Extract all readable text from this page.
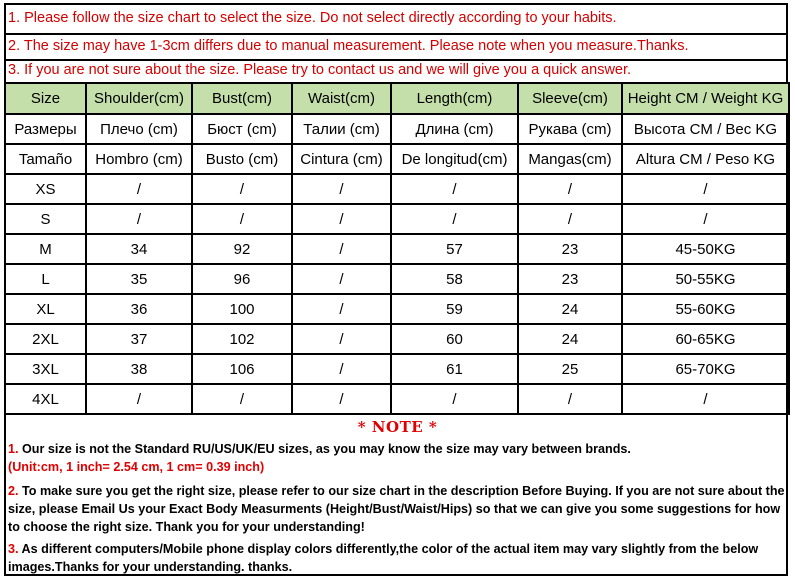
1. Please follow the size chart to select the size. Do not select directly according to your habits.
2. The size may have 1-3cm differs due to manual measurement. Please note when you measure.Thanks.
3. If you are not sure about the size. Please try to contact us and we will give you a quick answer.
Size	Shoulder(cm)	Bust(cm)	Waist(cm)	Length(cm)	Sleeve(cm)	Height CM / Weight KG
Размеры	Плечо (cm)	Бюст (cm)	Талии (cm)	Длина (cm)	Рукава (cm)	Высота CM / Вес KG
Tamaño	Hombro (cm)	Busto (cm)	Cintura (cm)	De longitud(cm)	Mangas(cm)	Altura CM / Peso KG
XS	/	/	/	/	/	/
S	/	/	/	/	/	/
M	34	92	/	57	23	45-50KG
L	35	96	/	58	23	50-55KG
XL	36	100	/	59	24	55-60KG
2XL	37	102	/	60	24	60-65KG
3XL	38	106	/	61	25	65-70KG
4XL	/	/	/	/	/	/
* NOTE *
1. Our size is not the Standard RU/US/UK/EU sizes, as you may know the size may vary between brands.
(Unit:cm, 1 inch= 2.54 cm, 1 cm= 0.39 inch)
2. To make sure you get the right size, please refer to our size chart in the description Before Buying. If you are not sure about the size, please Email Us your Exact Body Measurments (Height/Bust/Waist/Hips) so that we can give you some suggestions for how to choose the right size. Thank you for your understanding!
3. As different computers/Mobile phone display colors differently,the color of the actual item may vary slightly from the below images.Thanks for your understanding. thanks.
